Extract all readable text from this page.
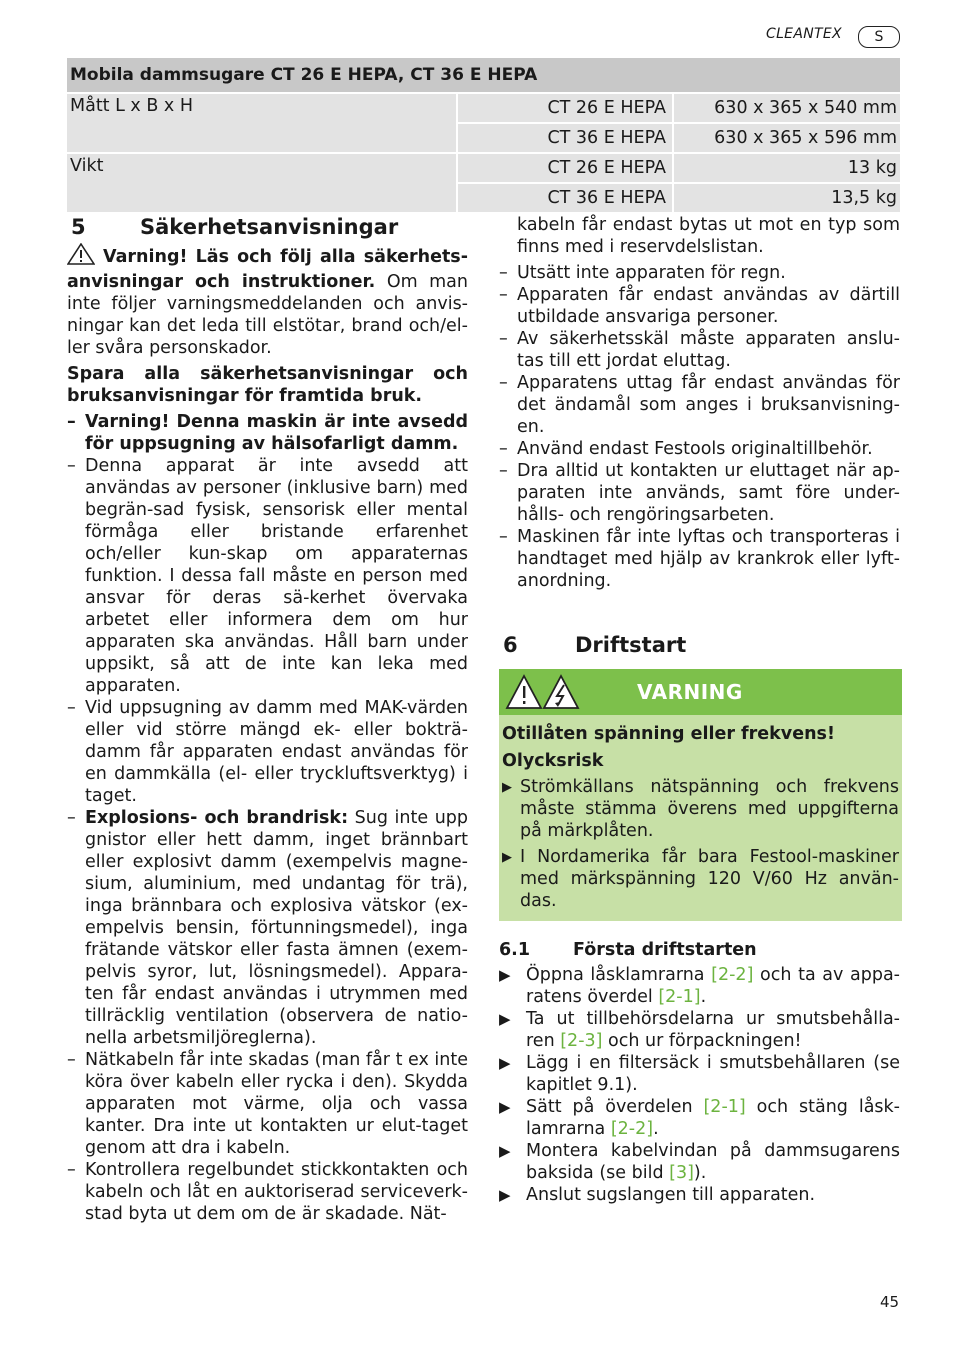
CLEANTEX	S
Mobila dammsugare CT 26 E HEPA, CT 36 E HEPA		
Mått L x B x H	CT 26 E HEPA	630 x 365 x 540 mm
	CT 36 E HEPA	630 x 365 x 596 mm
Vikt	CT 26 E HEPA	13 kg
	CT 36 E HEPA	13,5 kg
5	Säkerhetsanvisningar

Varning! Läs och följ alla säkerhets-anvisningar och instruktioner. Om man inte följer varningsmeddelanden och anvis-ningar kan det leda till elstötar, brand och/el-ler svåra personskador.

Spara alla säkerhetsanvisningar och bruksanvisningar för framtida bruk.

– Varning! Denna maskin är inte avsedd för uppsugning av hälsofarligt damm.

– Denna apparat är inte avsedd att användas av personer (inklusive barn) med begrän-sad fysisk, sensorisk eller mental förmåga eller bristande erfarenhet och/eller kun-skap om apparaternas funktion. I dessa fall måste en person med ansvar för deras sä-kerhet övervaka arbetet eller informera dem om hur apparaten ska användas. Håll barn under uppsikt, så att de inte kan leka med apparaten.

– Vid uppsugning av damm med MAK-värden eller vid större mängd ek- eller bokträ-damm får apparaten endast användas för en dammkälla (el- eller tryckluftsverktyg) i taget.

– Explosions- och brandrisk: Sug inte upp gnistor eller hett damm, inget brännbart eller explosivt damm (exempelvis magne-sium, aluminium, med undantag för trä), inga brännbara och explosiva vätskor (ex-empelvis bensin, förtunningsmedel), inga frätande vätskor eller fasta ämnen (exem-pelvis syror, lut, lösningsmedel). Appara-ten får endast användas i utrymmen med tillräcklig ventilation (observera de natio-nella arbetsmiljöreglerna).

– Nätkabeln får inte skadas (man får t ex inte köra över kabeln eller rycka i den). Skydda apparaten mot värme, olja och vassa kanter. Dra inte ut kontakten ur elut-taget genom att dra i kabeln.

– Kontrollera regelbundet stickkontakten och kabeln och låt en auktoriserad serviceverk-stad byta ut dem om de är skadade. Nät-

kabeln får endast bytas ut mot en typ som finns med i reservdelslistan.

– Utsätt inte apparaten för regn.

– Apparaten får endast användas av därtill utbildade ansvariga personer.

– Av säkerhetsskäl måste apparaten anslu-tas till ett jordat eluttag.

– Apparatens uttag får endast användas för det ändamål som anges i bruksanvisning-en.

– Använd endast Festools originaltillbehör.

– Dra alltid ut kontakten ur eluttaget när ap-paraten inte används, samt före under-hålls- och rengöringsarbeten.

– Maskinen får inte lyftas och transporteras i handtaget med hjälp av krankrok eller lyft-anordning.

6	Driftstart
VARNING

Otillåten spänning eller frekvens!

Olycksrisk

▶ Strömkällans nätspänning och frekvens måste stämma överens med uppgifterna på märkplåten.

▶ I Nordamerika får bara Festool-maskiner med märkspänning 120 V/60 Hz använ-das.

6.1 Första driftstarten

▶ Öppna låsklamrarna [2-2] och ta av appa-ratens överdel [2-1].

▶ Ta ut tillbehörsdelarna ur smutsbehålla-ren [2-3] och ur förpackningen!

▶ Lägg i en filtersäck i smutsbehållaren (se kapitlet 9.1).

▶ Sätt på överdelen [2-1] och stäng låsk-lamrarna [2-2].

▶ Montera kabelvindan på dammsugarens baksida (se bild [3]).

▶ Anslut sugslangen till apparaten.

45
